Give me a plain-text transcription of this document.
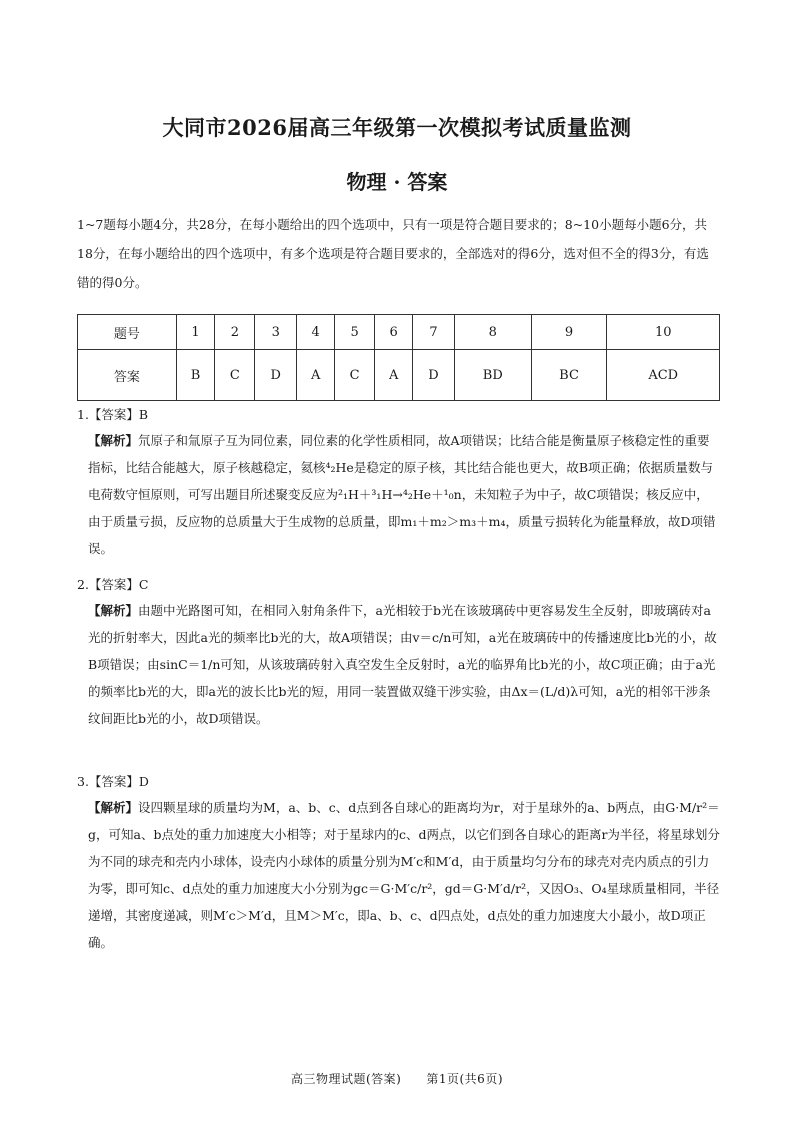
大同市2026届高三年级第一次模拟考试质量监测
物理 · 答案
1~7题每小题4分，共28分，在每小题给出的四个选项中，只有一项是符合题目要求的；8~10小题每小题6分，共18分，在每小题给出的四个选项中，有多个选项是符合题目要求的，全部选对的得6分，选对但不全的得3分，有选错的得0分。
题号	1	2	3	4	5	6	7	8	9	10
答案	B	C	D	A	C	A	D	BD	BC	ACD
1.【答案】B
【解析】氘原子和氚原子互为同位素，同位素的化学性质相同，故A项错误；比结合能是衡量原子核稳定性的重要指标，比结合能越大，原子核越稳定，氦核⁴₂He是稳定的原子核，其比结合能也更大，故B项正确；依据质量数与电荷数守恒原则，可写出题目所述聚变反应为²₁H＋³₁H→⁴₂He＋¹₀n，未知粒子为中子，故C项错误；核反应中，由于质量亏损，反应物的总质量大于生成物的总质量，即m₁＋m₂＞m₃＋m₄，质量亏损转化为能量释放，故D项错误。
2.【答案】C
【解析】由题中光路图可知，在相同入射角条件下，a光相较于b光在该玻璃砖中更容易发生全反射，即玻璃砖对a光的折射率大，因此a光的频率比b光的大，故A项错误；由v＝c/n可知，a光在玻璃砖中的传播速度比b光的小，故B项错误；由sinC＝1/n可知，从该玻璃砖射入真空发生全反射时，a光的临界角比b光的小，故C项正确；由于a光的频率比b光的大，即a光的波长比b光的短，用同一装置做双缝干涉实验，由Δx＝(L/d)λ可知，a光的相邻干涉条纹间距比b光的小，故D项错误。
3.【答案】D
【解析】设四颗星球的质量均为M，a、b、c、d点到各自球心的距离均为r，对于星球外的a、b两点，由G·M/r²＝g，可知a、b点处的重力加速度大小相等；对于星球内的c、d两点，以它们到各自球心的距离r为半径，将星球划分为不同的球壳和壳内小球体，设壳内小球体的质量分别为M′c和M′d，由于质量均匀分布的球壳对壳内质点的引力为零，即可知c、d点处的重力加速度大小分别为gc＝G·M′c/r²，gd＝G·M′d/r²，又因O₃、O₄星球质量相同，半径递增，其密度递减，则M′c＞M′d，且M＞M′c，即a、b、c、d四点处，d点处的重力加速度大小最小，故D项正确。
高三物理试题(答案)　　第1页(共6页)
